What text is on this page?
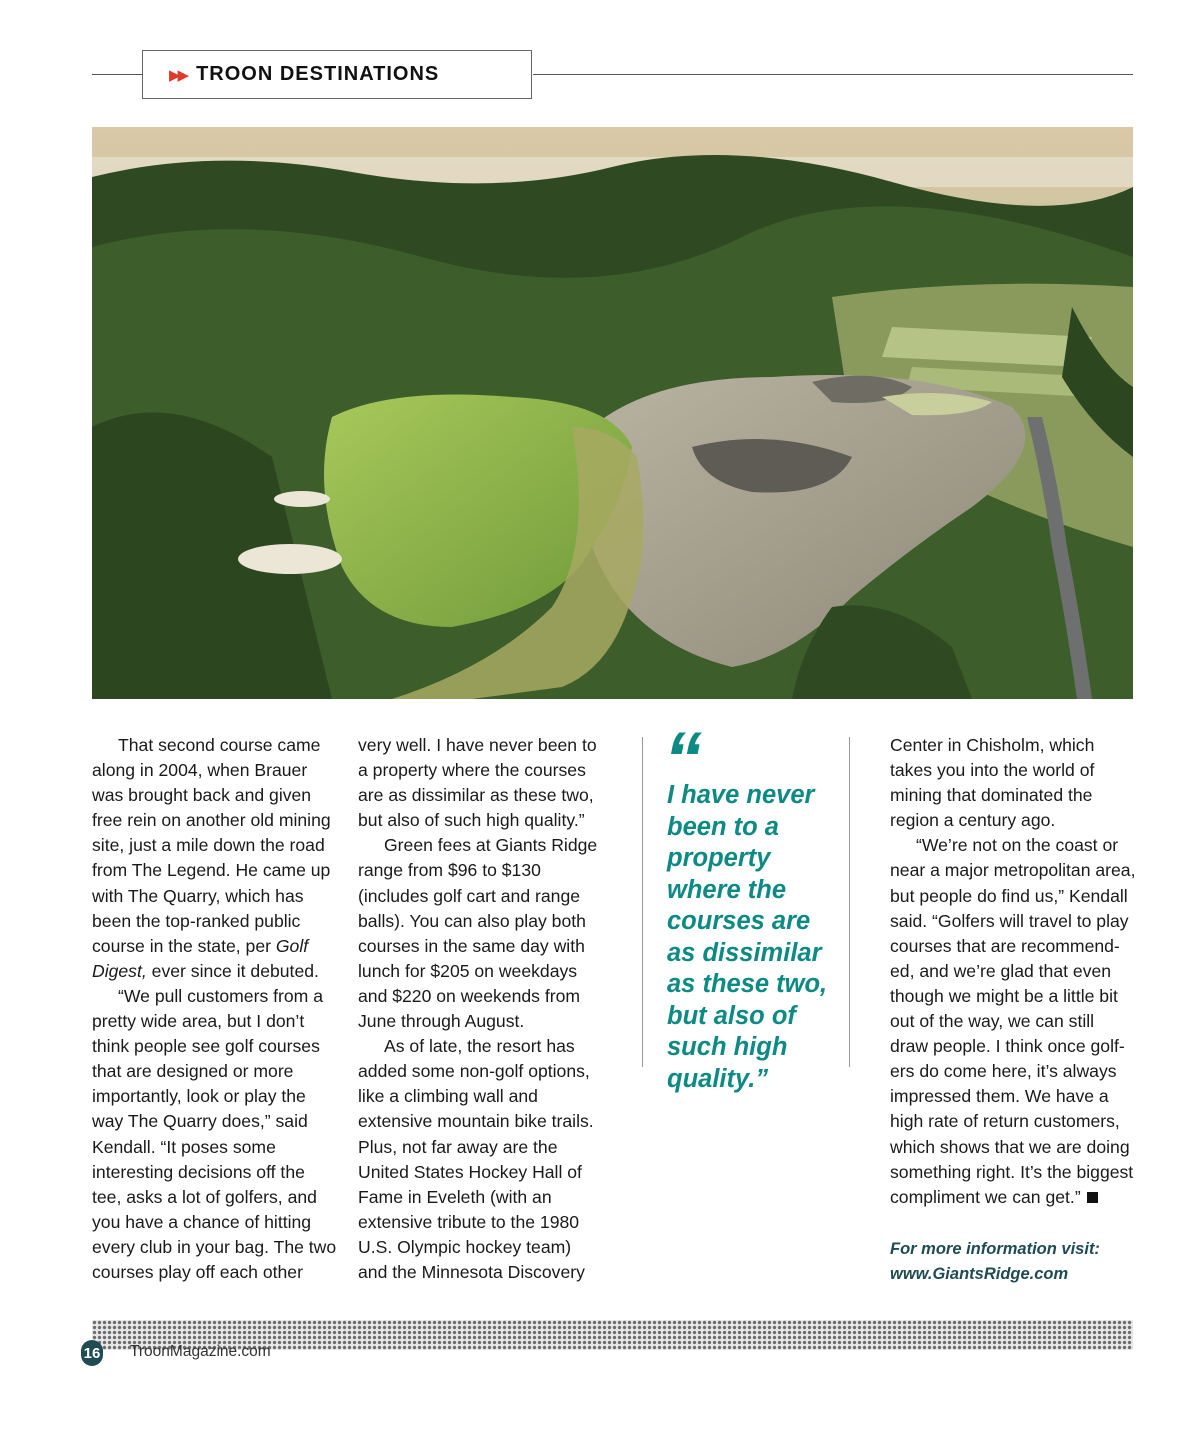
▶▶ TROON DESTINATIONS

That second course came along in 2004, when Brauer was brought back and given free rein on another old mining site, just a mile down the road from The Legend. He came up with The Quarry, which has been the top-ranked public course in the state, per Golf Digest, ever since it debuted.

“We pull customers from a pretty wide area, but I don’t think people see golf courses that are designed or more importantly, look or play the way The Quarry does,” said Kendall. “It poses some interesting decisions off the tee, asks a lot of golfers, and you have a chance of hitting every club in your bag. The two courses play off each other

very well. I have never been to a property where the courses are as dissimilar as these two, but also of such high quality.”

Green fees at Giants Ridge range from $96 to $130 (includes golf cart and range balls). You can also play both courses in the same day with lunch for $205 on weekdays and $220 on weekends from June through August.

As of late, the resort has added some non-golf options, like a climbing wall and extensive mountain bike trails. Plus, not far away are the United States Hockey Hall of Fame in Eveleth (with an extensive tribute to the 1980 U.S. Olympic hockey team) and the Minnesota Discovery

“
I have never been to a property where the courses are as dissimilar as these two, but also of such high quality.”

Center in Chisholm, which takes you into the world of mining that dominated the region a century ago.

“We’re not on the coast or near a major metropolitan area, but people do find us,” Kendall said. “Golfers will travel to play courses that are recommend-ed, and we’re glad that even though we might be a little bit out of the way, we can still draw people. I think once golf-ers do come here, it’s always impressed them. We have a high rate of return customers, which shows that we are doing something right. It’s the biggest compliment we can get.”

For more information visit:
www.GiantsRidge.com
16 TroonMagazine.com
